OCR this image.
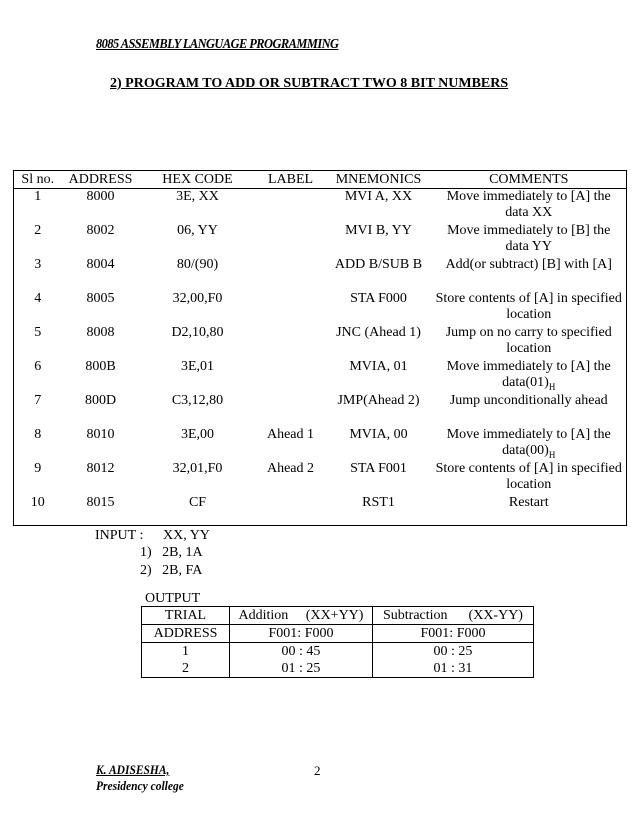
8085 ASSEMBLY LANGUAGE PROGRAMMING
2) PROGRAM TO ADD OR SUBTRACT TWO 8 BIT NUMBERS
Sl no.	ADDRESS	HEX CODE	LABEL	MNEMONICS	COMMENTS
1	8000	3E, XX		MVI A, XX	Move immediately to [A] the
data XX

2	8002	06, YY		MVI B, YY	Move immediately to [B] the
data YY

3	8004	80/(90)		ADD B/SUB B	Add(or subtract) [B] with [A]

4	8005	32,00,F0		STA F000	Store contents of [A] in specified
location

5	8008	D2,10,80		JNC (Ahead 1)	Jump on no carry to specified
location

6	800B	3E,01		MVIA, 01	Move immediately to [A] the
$data(01)_H$

7	800D	C3,12,80		JMP(Ahead 2)	Jump unconditionally ahead

8	8010	3E,00	Ahead 1	MVIA, 00	Move immediately to [A] the
$data(00)_H$

9	8012	32,01,F0	Ahead 2	STA F001	Store contents of [A] in specified
location

10	8015	CF		RST1	Restart
INPUT : XX, YY
1)   2B, 1A
2)   2B, FA
OUTPUT
TRIAL	Addition     (XX+YY)	Subtraction      (XX-YY)
ADDRESS	F001: F000	F001: F000
1	00 : 45	00 : 25
2	01 : 25	01 : 31
K. ADISESHA,
Presidency college
2
